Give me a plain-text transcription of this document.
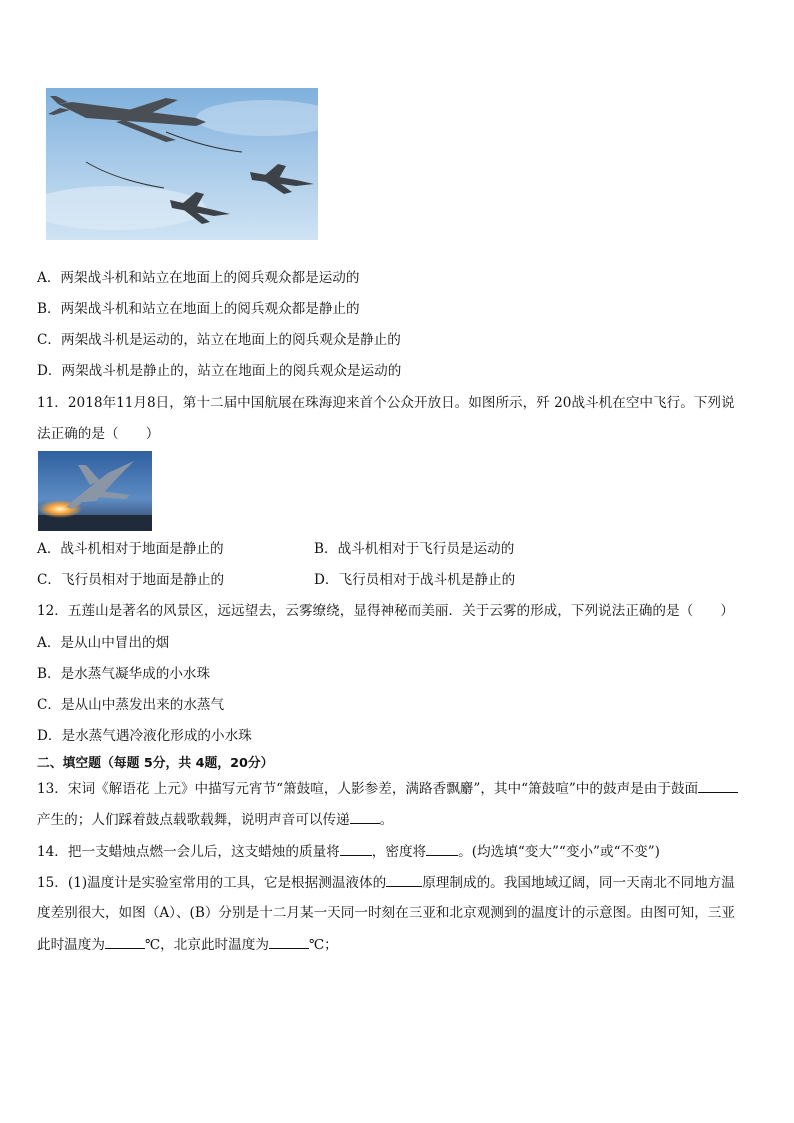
A．两架战斗机和站立在地面上的阅兵观众都是运动的
B．两架战斗机和站立在地面上的阅兵观众都是静止的
C．两架战斗机是运动的，站立在地面上的阅兵观众是静止的
D．两架战斗机是静止的，站立在地面上的阅兵观众是运动的
11．2018年11月8日，第十二届中国航展在珠海迎来首个公众开放日。如图所示，歼 20战斗机在空中飞行。下列说
法正确的是（　　）
A．战斗机相对于地面是静止的	B．战斗机相对于飞行员是运动的
C．飞行员相对于地面是静止的	D．飞行员相对于战斗机是静止的
12．五莲山是著名的风景区，远远望去，云雾缭绕，显得神秘而美丽．关于云雾的形成，下列说法正确的是（　　）
A．是从山中冒出的烟
B．是水蒸气凝华成的小水珠
C．是从山中蒸发出来的水蒸气
D．是水蒸气遇冷液化形成的小水珠
二、填空题（每题 5分，共 4题，20分）
13．宋词《解语花 上元》中描写元宵节“箫鼓喧，人影参差，满路香飘麝”，其中“箫鼓喧”中的鼓声是由于鼓面
产生的；人们踩着鼓点载歌载舞，说明声音可以传递 。
14．把一支蜡烛点燃一会儿后，这支蜡烛的质量将 ，密度将 。(均选填“变大”“变小”或“不变”)
15．(1)温度计是实验室常用的工具，它是根据测温液体的	原理制成的。我国地域辽阔，同一天南北不同地方温
度差别很大，如图（A）、(B）分别是十二月某一天同一时刻在三亚和北京观测到的温度计的示意图。由图可知，三亚
此时温度为	℃，北京此时温度为	℃；
